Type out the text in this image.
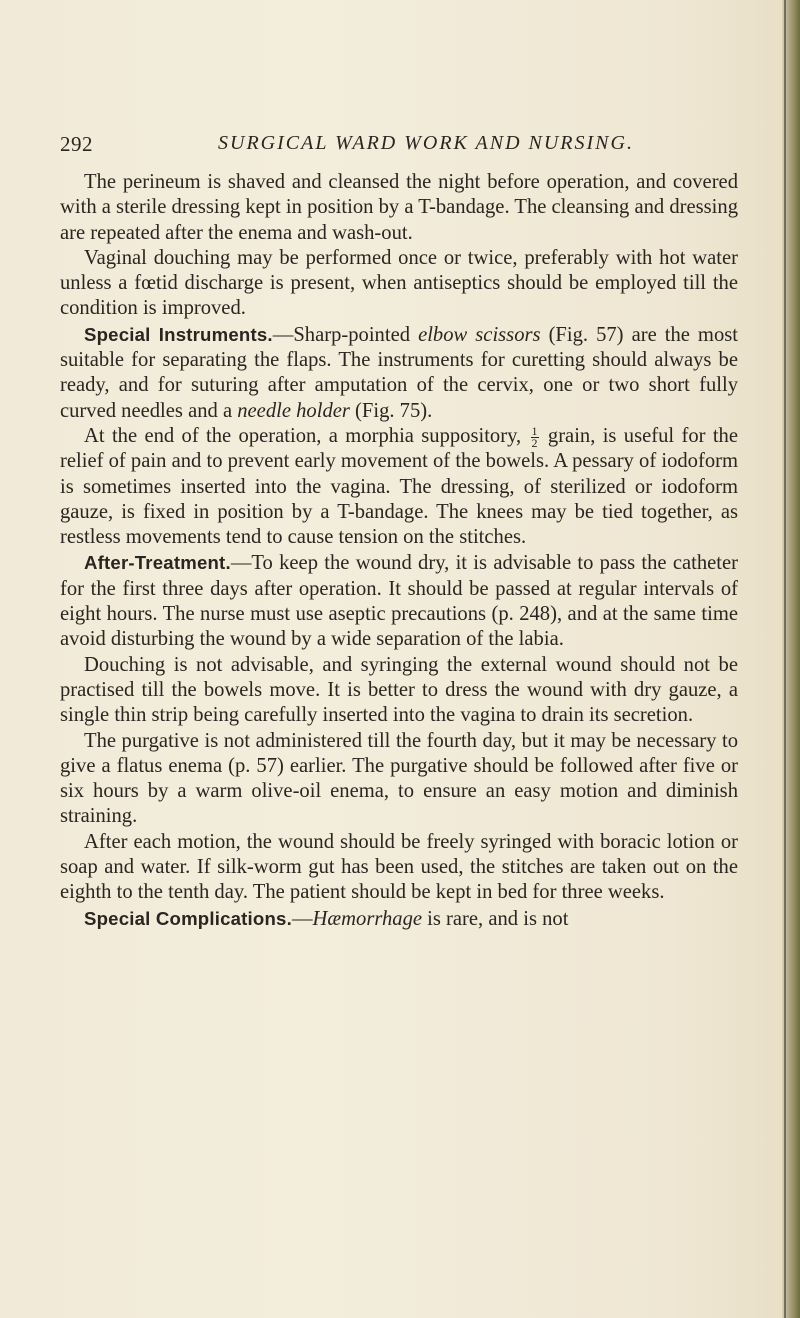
292	SURGICAL WARD WORK AND NURSING.

The perineum is shaved and cleansed the night before operation, and covered with a sterile dressing kept in position by a T-bandage. The cleansing and dressing are repeated after the enema and wash-out.

Vaginal douching may be performed once or twice, preferably with hot water unless a fœtid discharge is present, when antiseptics should be employed till the condition is improved.

Special Instruments.—Sharp-pointed elbow scissors (Fig. 57) are the most suitable for separating the flaps. The instruments for curetting should always be ready, and for suturing after amputation of the cervix, one or two short fully curved needles and a needle holder (Fig. 75).

At the end of the operation, a morphia suppository, $\frac{1}{2}$ grain, is useful for the relief of pain and to prevent early movement of the bowels. A pessary of iodoform is sometimes inserted into the vagina. The dressing, of sterilized or iodoform gauze, is fixed in position by a T-bandage. The knees may be tied together, as restless movements tend to cause tension on the stitches.

After-Treatment.—To keep the wound dry, it is advisable to pass the catheter for the first three days after operation. It should be passed at regular intervals of eight hours. The nurse must use aseptic precautions (p. 248), and at the same time avoid disturbing the wound by a wide separation of the labia.

Douching is not advisable, and syringing the external wound should not be practised till the bowels move. It is better to dress the wound with dry gauze, a single thin strip being carefully inserted into the vagina to drain its secretion.

The purgative is not administered till the fourth day, but it may be necessary to give a flatus enema (p. 57) earlier. The purgative should be followed after five or six hours by a warm olive-oil enema, to ensure an easy motion and diminish straining.

After each motion, the wound should be freely syringed with boracic lotion or soap and water. If silk-worm gut has been used, the stitches are taken out on the eighth to the tenth day. The patient should be kept in bed for three weeks.

Special Complications.—Hæmorrhage is rare, and is not
